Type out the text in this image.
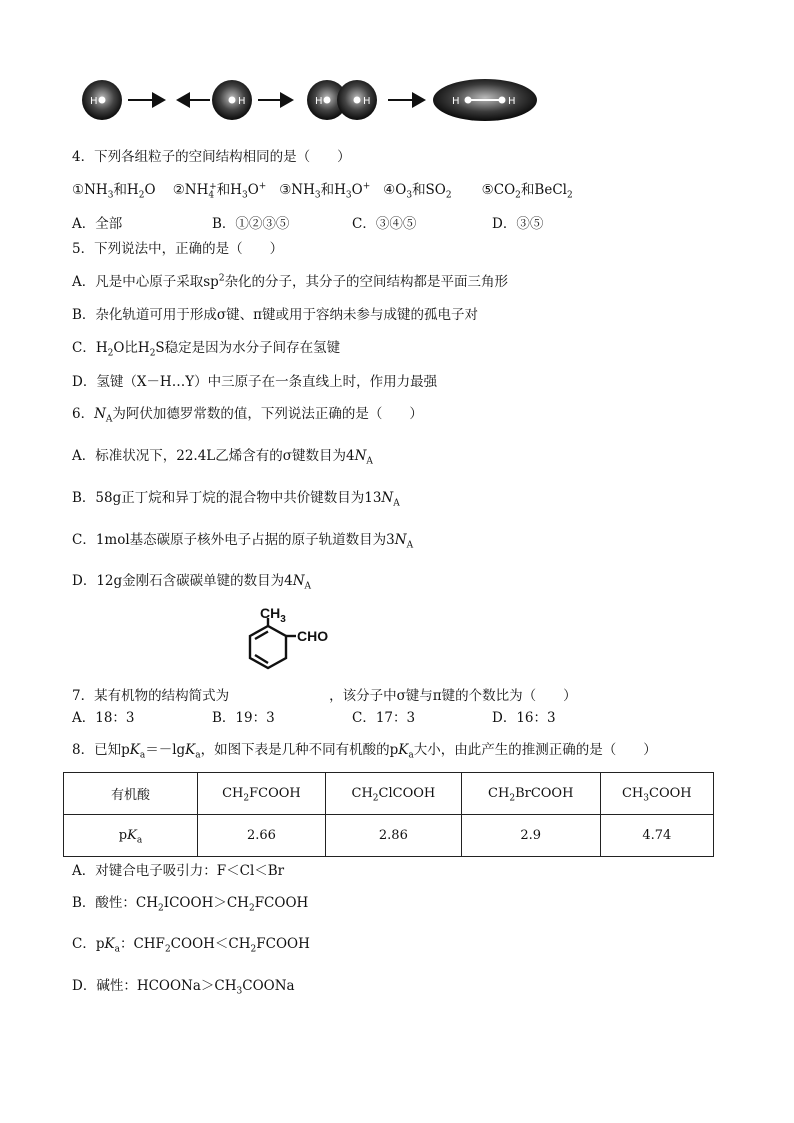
H	H	H	H	H	H
4．下列各组粒子的空间结构相同的是（　　）
$①NH_3$和$H_2O$ $②NH_4^+$和$H_3O^+$ $③NH_3$和$H_3O^+$ $④O_3$和$SO_2$ $⑤CO_2$和BeCl$_2$
A．全部	B．①②③⑤	C．③④⑤	D．③⑤
5．下列说法中，正确的是（　　）
A．凡是中心原子采取$sp^2$杂化的分子，其分子的空间结构都是平面三角形
B．杂化轨道可用于形成σ键、π键或用于容纳未参与成键的孤电子对
C．$H_2O$比$H_2S$稳定是因为水分子间存在氢键
D．氢键（X－H…Y）中三原子在一条直线上时，作用力最强
6．$N_A$为阿伏加德罗常数的值，下列说法正确的是（　　）
A．标准状况下，22.4L乙烯含有的σ键数目为$4N_A$
B．58g正丁烷和异丁烷的混合物中共价键数目为$13N_A$
C．1mol基态碳原子核外电子占据的原子轨道数目为$3N_A$
D．12g金刚石含碳碳单键的数目为$4N_A$
$CH_3$
CHO
7．某有机物的结构简式为	，该分子中σ键与π键的个数比为（　　）
A．18：3	B．19：3	C．17：3	D．16：3
8．已知$pK_a=-\lg K_a$，如图下表是几种不同有机酸的$pK_a$大小，由此产生的推测正确的是（　　）
有机酸	$CH_2FCOOH$	$CH_2ClCOOH$	$CH_2BrCOOH$	$CH_3COOH$
$pK_a$	2.66	2.86	2.9	4.74
A．对键合电子吸引力：F＜Cl＜Br
B．酸性：$CH_2ICOOH>CH_2FCOOH$
C．$pK_a$：$CHF_2COOH<CH_2FCOOH$
D．碱性：$HCOONa>CH_3COONa$
